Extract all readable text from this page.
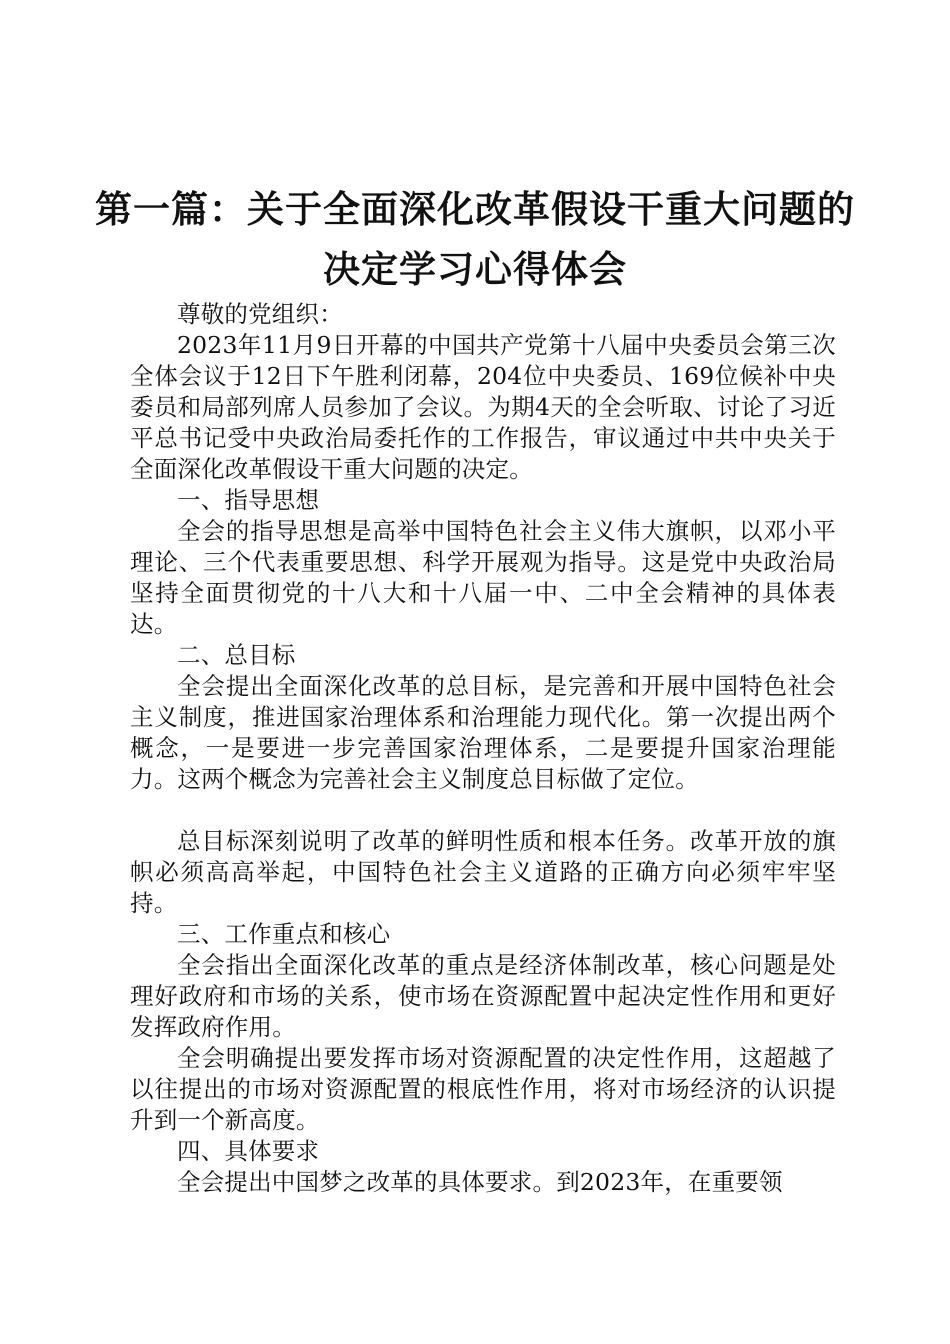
第一篇：关于全面深化改革假设干重大问题的
决定学习心得体会

尊敬的党组织：

2023年11月9日开幕的中国共产党第十八届中央委员会第三次全体会议于12日下午胜利闭幕，204位中央委员、169位候补中央委员和局部列席人员参加了会议。为期4天的全会听取、讨论了习近平总书记受中央政治局委托作的工作报告，审议通过中共中央关于全面深化改革假设干重大问题的决定。

一、指导思想

全会的指导思想是高举中国特色社会主义伟大旗帜，以邓小平理论、三个代表重要思想、科学开展观为指导。这是党中央政治局坚持全面贯彻党的十八大和十八届一中、二中全会精神的具体表达。

二、总目标

全会提出全面深化改革的总目标，是完善和开展中国特色社会主义制度，推进国家治理体系和治理能力现代化。第一次提出两个概念，一是要进一步完善国家治理体系，二是要提升国家治理能力。这两个概念为完善社会主义制度总目标做了定位。

总目标深刻说明了改革的鲜明性质和根本任务。改革开放的旗帜必须高高举起，中国特色社会主义道路的正确方向必须牢牢坚持。

三、工作重点和核心

全会指出全面深化改革的重点是经济体制改革，核心问题是处理好政府和市场的关系，使市场在资源配置中起决定性作用和更好发挥政府作用。

全会明确提出要发挥市场对资源配置的决定性作用，这超越了以往提出的市场对资源配置的根底性作用，将对市场经济的认识提升到一个新高度。

四、具体要求

全会提出中国梦之改革的具体要求。到2023年，在重要领
